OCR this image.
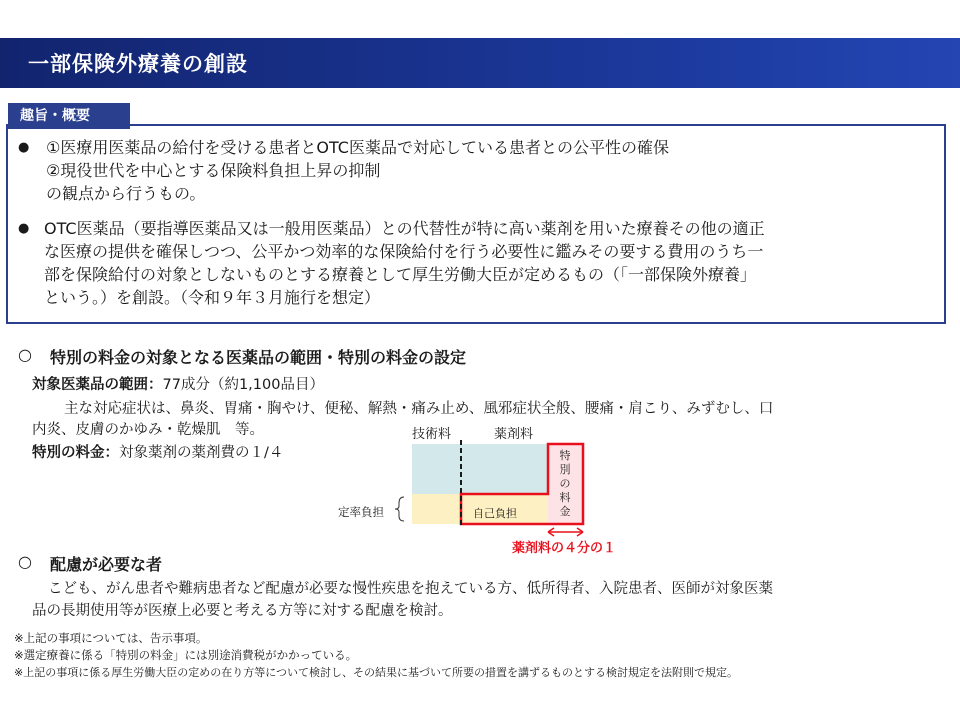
一部保険外療養の創設
趣旨・概要
● ①医療用医薬品の給付を受ける患者とOTC医薬品で対応している患者との公平性の確保
②現役世代を中心とする保険料負担上昇の抑制
の観点から行うもの。
● OTC医薬品（要指導医薬品又は一般用医薬品）との代替性が特に高い薬剤を用いた療養その他の適正
な医療の提供を確保しつつ、公平かつ効率的な保険給付を行う必要性に鑑みその要する費用のうち一
部を保険給付の対象としないものとする療養として厚生労働大臣が定めるもの（「一部保険外療養」
という。）を創設。（令和９年３月施行を想定）
○ 特別の料金の対象となる医薬品の範囲・特別の料金の設定
対象医薬品の範囲：77成分（約1,100品目）
主な対応症状は、鼻炎、胃痛・胸やけ、便秘、解熱・痛み止め、風邪症状全般、腰痛・肩こり、みずむし、口
内炎、皮膚のかゆみ・乾燥肌　等。
特別の料金：対象薬剤の薬剤費の１/４
技術料	薬剤料
定率負担	自己負担
特別の料金
薬剤料の４分の１
○ 配慮が必要な者
こども、がん患者や難病患者など配慮が必要な慢性疾患を抱えている方、低所得者、入院患者、医師が対象医薬
品の長期使用等が医療上必要と考える方等に対する配慮を検討。
※上記の事項については、告示事項。
※選定療養に係る「特別の料金」には別途消費税がかかっている。
※上記の事項に係る厚生労働大臣の定めの在り方等について検討し、その結果に基づいて所要の措置を講ずるものとする検討規定を法附則で規定。
